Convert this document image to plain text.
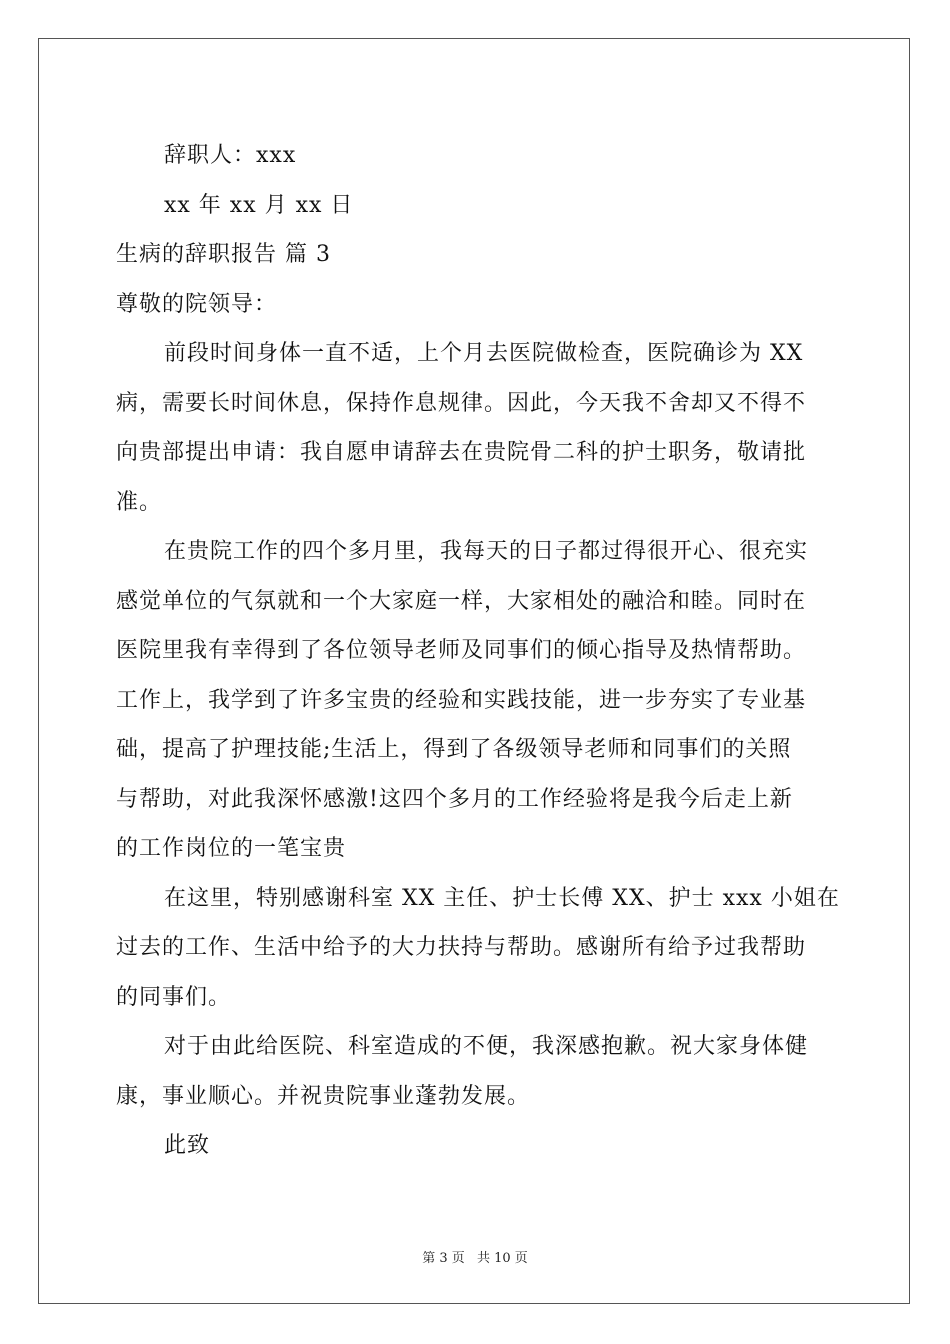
辞职人：xxx

xx 年 xx 月 xx 日

生病的辞职报告 篇 3

尊敬的院领导：

前段时间身体一直不适，上个月去医院做检查，医院确诊为 XX

病，需要长时间休息，保持作息规律。因此，今天我不舍却又不得不

向贵部提出申请：我自愿申请辞去在贵院骨二科的护士职务，敬请批

准。

在贵院工作的四个多月里，我每天的日子都过得很开心、很充实

感觉单位的气氛就和一个大家庭一样，大家相处的融洽和睦。同时在

医院里我有幸得到了各位领导老师及同事们的倾心指导及热情帮助。

工作上，我学到了许多宝贵的经验和实践技能，进一步夯实了专业基

础，提高了护理技能;生活上，得到了各级领导老师和同事们的关照

与帮助，对此我深怀感激!这四个多月的工作经验将是我今后走上新

的工作岗位的一笔宝贵

在这里，特别感谢科室 XX 主任、护士长傅 XX、护士 xxx 小姐在

过去的工作、生活中给予的大力扶持与帮助。感谢所有给予过我帮助

的同事们。

对于由此给医院、科室造成的不便，我深感抱歉。祝大家身体健

康，事业顺心。并祝贵院事业蓬勃发展。

此致

第 3 页 共 10 页
